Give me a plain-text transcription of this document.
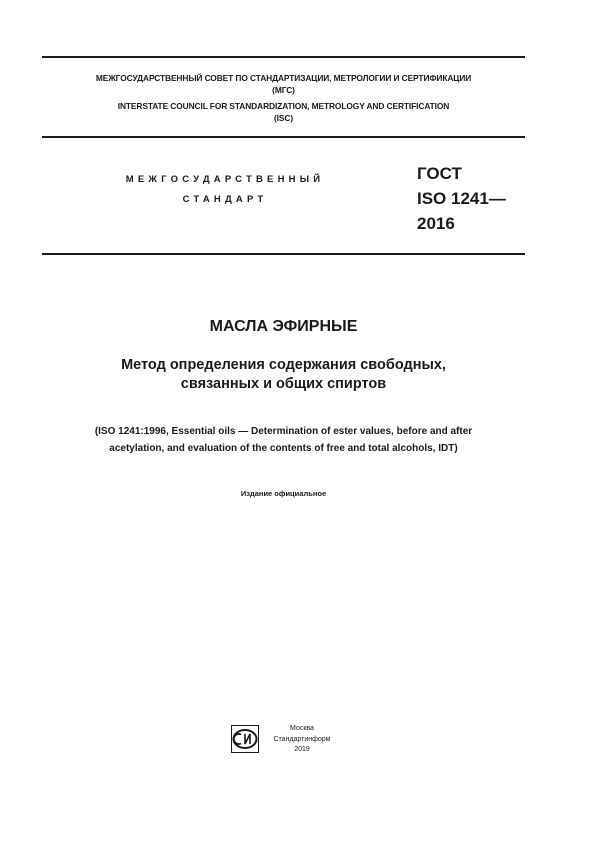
МЕЖГОСУДАРСТВЕННЫЙ СОВЕТ ПО СТАНДАРТИЗАЦИИ, МЕТРОЛОГИИ И СЕРТИФИКАЦИИ
(МГС)
INTERSTATE COUNCIL FOR STANDARDIZATION, METROLOGY AND CERTIFICATION
(ISC)
МЕЖГОСУДАРСТВЕННЫЙ
СТАНДАРТ
ГОСТ
ISO 1241—
2016
МАСЛА ЭФИРНЫЕ
Метод определения содержания свободных,
связанных и общих спиртов
(ISO 1241:1996, Essential oils — Determination of ester values, before and after
acetylation, and evaluation of the contents of free and total alcohols, IDT)
Издание официальное
Москва
Стандартинформ
2019
